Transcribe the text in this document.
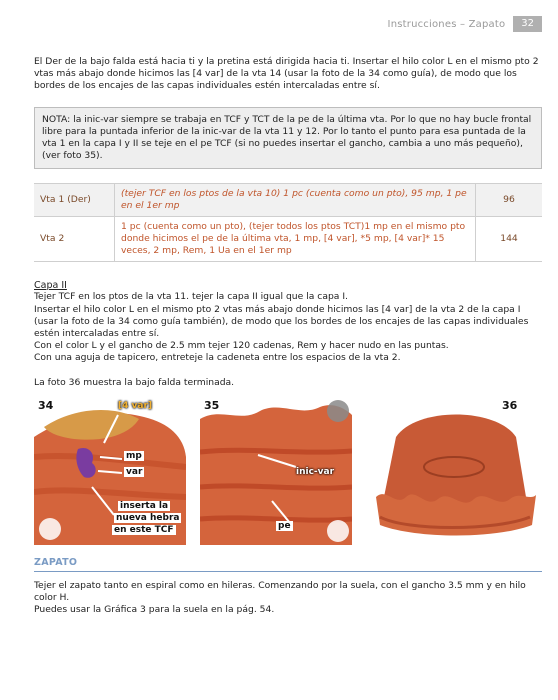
Instrucciones – Zapato	32

El Der de la bajo falda está hacia ti y la pretina está dirigida hacia ti. Insertar el hilo color L en el mismo pto 2 vtas más abajo donde hicimos las [4 var] de la vta 14 (usar la foto de la 34 como guía), de modo que los bordes de los encajes de las capas individuales estén intercaladas entre sí.

NOTA: la inic-var siempre se trabaja en TCF y TCT de la pe de la última vta. Por lo que no hay bucle frontal libre para la puntada inferior de la inic-var de la vta 11 y 12. Por lo tanto el punto para esa puntada de la vta 1 en la capa I y II se teje en el pe TCF (si no puedes insertar el gancho, cambia a uno más pequeño), (ver foto 35).

Vta 1 (Der)	(tejer TCF en los ptos de la vta 10) 1 pc (cuenta como un pto), 95 mp, 1 pe en el 1er mp	96
Vta 2	1 pc (cuenta como un pto), (tejer todos los ptos TCT)1 mp en el mismo pto donde hicimos el pe de la última vta, 1 mp, [4 var], *5 mp, [4 var]* 15 veces, 2 mp, Rem, 1 Ua en el 1er mp	144
Capa II

Tejer TCF en los ptos de la vta 11. tejer la capa II igual que la capa I.

Insertar el hilo color L en el mismo pto 2 vtas más abajo donde hicimos las [4 var] de la vta 2 de la capa I (usar la foto de la 34 como guía también), de modo que los bordes de los encajes de las capas individuales estén intercaladas entre sí.

Con el color L y el gancho de 2.5 mm tejer 120 cadenas, Rem y hacer nudo en las puntas.

Con una aguja de tapicero, entreteje la cadeneta entre los espacios de la vta 2.

La foto 36 muestra la bajo falda terminada.

34	[4 var]
mp
var
inserta la
nueva hebra
en este TCF
35
inic-var
pe
36
ZAPATO

Tejer el zapato tanto en espiral como en hileras. Comenzando por la suela, con el gancho 3.5 mm y en hilo color H.

Puedes usar la Gráfica 3 para la suela en la pág. 54.
